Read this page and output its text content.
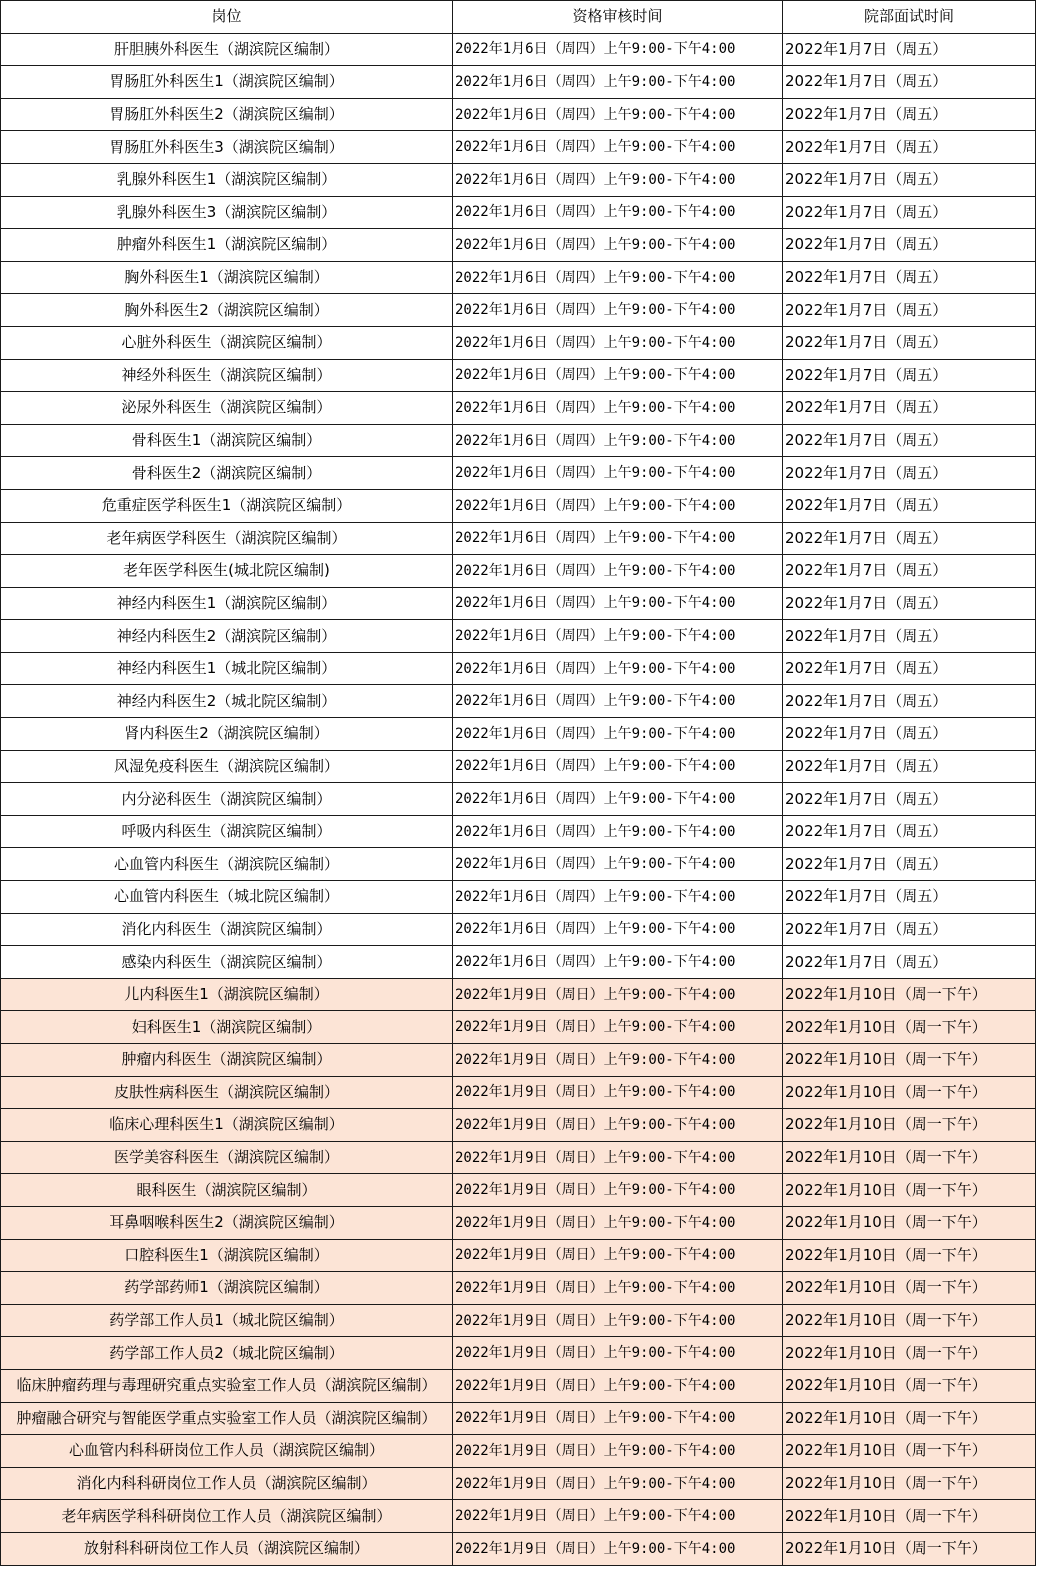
岗位	资格审核时间	院部面试时间
肝胆胰外科医生（湖滨院区编制）	2022年1月6日（周四）上午9:00-下午4:00	2022年1月7日（周五）
胃肠肛外科医生1（湖滨院区编制）	2022年1月6日（周四）上午9:00-下午4:00	2022年1月7日（周五）
胃肠肛外科医生2（湖滨院区编制）	2022年1月6日（周四）上午9:00-下午4:00	2022年1月7日（周五）
胃肠肛外科医生3（湖滨院区编制）	2022年1月6日（周四）上午9:00-下午4:00	2022年1月7日（周五）
乳腺外科医生1（湖滨院区编制）	2022年1月6日（周四）上午9:00-下午4:00	2022年1月7日（周五）
乳腺外科医生3（湖滨院区编制）	2022年1月6日（周四）上午9:00-下午4:00	2022年1月7日（周五）
肿瘤外科医生1（湖滨院区编制）	2022年1月6日（周四）上午9:00-下午4:00	2022年1月7日（周五）
胸外科医生1（湖滨院区编制）	2022年1月6日（周四）上午9:00-下午4:00	2022年1月7日（周五）
胸外科医生2（湖滨院区编制）	2022年1月6日（周四）上午9:00-下午4:00	2022年1月7日（周五）
心脏外科医生（湖滨院区编制）	2022年1月6日（周四）上午9:00-下午4:00	2022年1月7日（周五）
神经外科医生（湖滨院区编制）	2022年1月6日（周四）上午9:00-下午4:00	2022年1月7日（周五）
泌尿外科医生（湖滨院区编制）	2022年1月6日（周四）上午9:00-下午4:00	2022年1月7日（周五）
骨科医生1（湖滨院区编制）	2022年1月6日（周四）上午9:00-下午4:00	2022年1月7日（周五）
骨科医生2（湖滨院区编制）	2022年1月6日（周四）上午9:00-下午4:00	2022年1月7日（周五）
危重症医学科医生1（湖滨院区编制）	2022年1月6日（周四）上午9:00-下午4:00	2022年1月7日（周五）
老年病医学科医生（湖滨院区编制）	2022年1月6日（周四）上午9:00-下午4:00	2022年1月7日（周五）
老年医学科医生(城北院区编制)	2022年1月6日（周四）上午9:00-下午4:00	2022年1月7日（周五）
神经内科医生1（湖滨院区编制）	2022年1月6日（周四）上午9:00-下午4:00	2022年1月7日（周五）
神经内科医生2（湖滨院区编制）	2022年1月6日（周四）上午9:00-下午4:00	2022年1月7日（周五）
神经内科医生1（城北院区编制）	2022年1月6日（周四）上午9:00-下午4:00	2022年1月7日（周五）
神经内科医生2（城北院区编制）	2022年1月6日（周四）上午9:00-下午4:00	2022年1月7日（周五）
肾内科医生2（湖滨院区编制）	2022年1月6日（周四）上午9:00-下午4:00	2022年1月7日（周五）
风湿免疫科医生（湖滨院区编制）	2022年1月6日（周四）上午9:00-下午4:00	2022年1月7日（周五）
内分泌科医生（湖滨院区编制）	2022年1月6日（周四）上午9:00-下午4:00	2022年1月7日（周五）
呼吸内科医生（湖滨院区编制）	2022年1月6日（周四）上午9:00-下午4:00	2022年1月7日（周五）
心血管内科医生（湖滨院区编制）	2022年1月6日（周四）上午9:00-下午4:00	2022年1月7日（周五）
心血管内科医生（城北院区编制）	2022年1月6日（周四）上午9:00-下午4:00	2022年1月7日（周五）
消化内科医生（湖滨院区编制）	2022年1月6日（周四）上午9:00-下午4:00	2022年1月7日（周五）
感染内科医生（湖滨院区编制）	2022年1月6日（周四）上午9:00-下午4:00	2022年1月7日（周五）
儿内科医生1（湖滨院区编制）	2022年1月9日（周日）上午9:00-下午4:00	2022年1月10日（周一下午）
妇科医生1（湖滨院区编制）	2022年1月9日（周日）上午9:00-下午4:00	2022年1月10日（周一下午）
肿瘤内科医生（湖滨院区编制）	2022年1月9日（周日）上午9:00-下午4:00	2022年1月10日（周一下午）
皮肤性病科医生（湖滨院区编制）	2022年1月9日（周日）上午9:00-下午4:00	2022年1月10日（周一下午）
临床心理科医生1（湖滨院区编制）	2022年1月9日（周日）上午9:00-下午4:00	2022年1月10日（周一下午）
医学美容科医生（湖滨院区编制）	2022年1月9日（周日）上午9:00-下午4:00	2022年1月10日（周一下午）
眼科医生（湖滨院区编制）	2022年1月9日（周日）上午9:00-下午4:00	2022年1月10日（周一下午）
耳鼻咽喉科医生2（湖滨院区编制）	2022年1月9日（周日）上午9:00-下午4:00	2022年1月10日（周一下午）
口腔科医生1（湖滨院区编制）	2022年1月9日（周日）上午9:00-下午4:00	2022年1月10日（周一下午）
药学部药师1（湖滨院区编制）	2022年1月9日（周日）上午9:00-下午4:00	2022年1月10日（周一下午）
药学部工作人员1（城北院区编制）	2022年1月9日（周日）上午9:00-下午4:00	2022年1月10日（周一下午）
药学部工作人员2（城北院区编制）	2022年1月9日（周日）上午9:00-下午4:00	2022年1月10日（周一下午）
临床肿瘤药理与毒理研究重点实验室工作人员（湖滨院区编制）	2022年1月9日（周日）上午9:00-下午4:00	2022年1月10日（周一下午）
肿瘤融合研究与智能医学重点实验室工作人员（湖滨院区编制）	2022年1月9日（周日）上午9:00-下午4:00	2022年1月10日（周一下午）
心血管内科科研岗位工作人员（湖滨院区编制）	2022年1月9日（周日）上午9:00-下午4:00	2022年1月10日（周一下午）
消化内科科研岗位工作人员（湖滨院区编制）	2022年1月9日（周日）上午9:00-下午4:00	2022年1月10日（周一下午）
老年病医学科科研岗位工作人员（湖滨院区编制）	2022年1月9日（周日）上午9:00-下午4:00	2022年1月10日（周一下午）
放射科科研岗位工作人员（湖滨院区编制）	2022年1月9日（周日）上午9:00-下午4:00	2022年1月10日（周一下午）
